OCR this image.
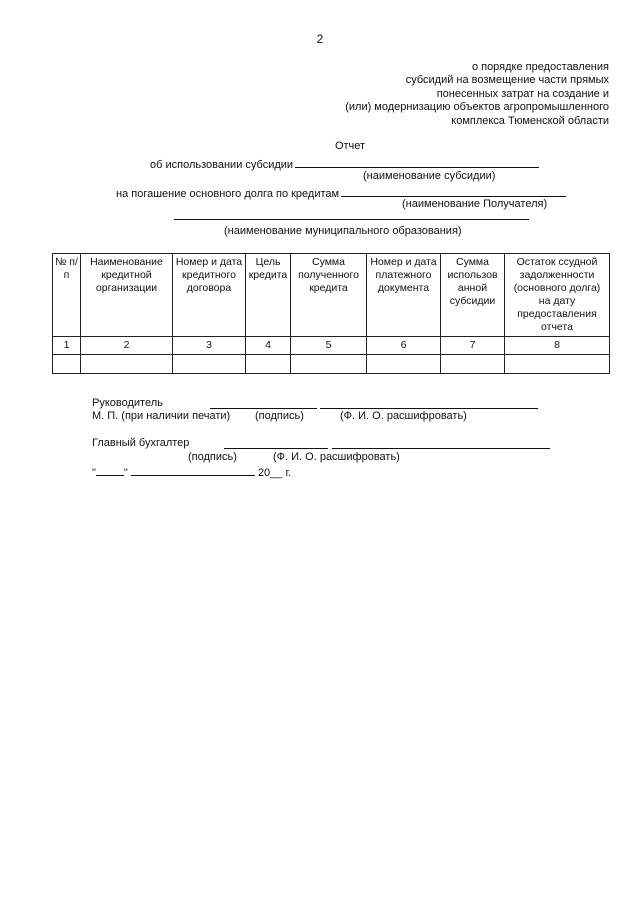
2
о порядке предоставления
субсидий на возмещение части прямых
понесенных затрат на создание и
(или) модернизацию объектов агропромышленного
комплекса Тюменской области
Отчет
об использовании субсидии
(наименование субсидии)
на погашение основного долга по кредитам
(наименование Получателя)
(наименование муниципального образования)
№ п/п	Наименование кредитной организации	Номер и дата кредитного договора	Цель кредита	Сумма полученного кредита	Номер и дата платежного документа	Сумма использов анной субсидии	Остаток ссудной задолженности (основного долга) на дату предоставления отчета
1	2	3	4	5	6	7	8

Руководитель
М. П. (при наличии печати) (подпись)	(Ф. И. О. расшифровать)
Главный бухгалтер
(подпись)	(Ф. И. О. расшифровать)
"	"	20__ г.
